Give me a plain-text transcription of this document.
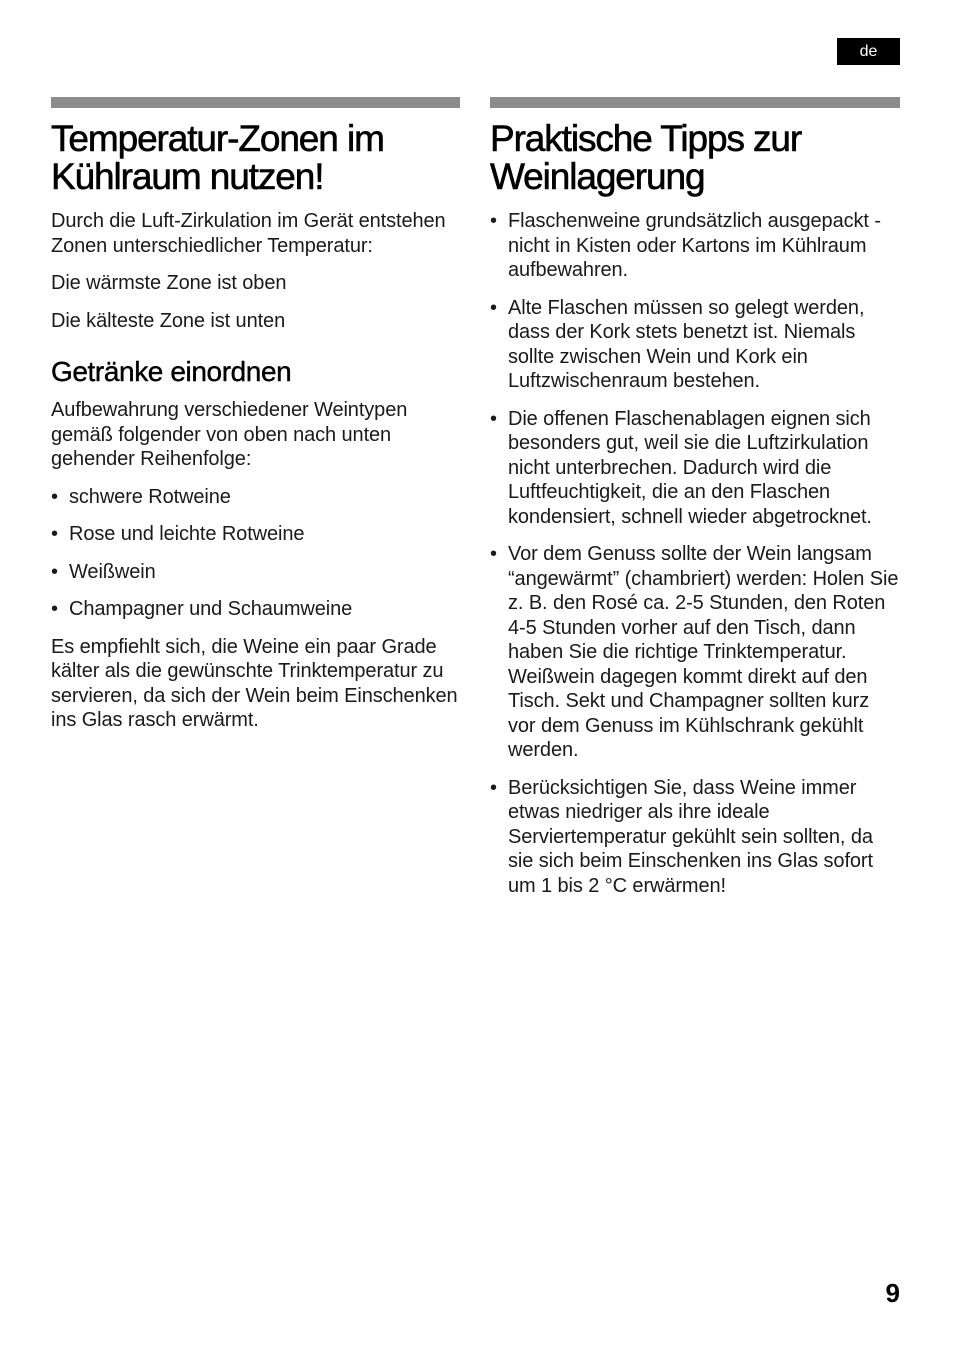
de
Temperatur-Zonen im
Kühlraum nutzen!

Durch die Luft-Zirkulation im Gerät entstehen Zonen unterschiedlicher Temperatur:

Die wärmste Zone ist oben

Die kälteste Zone ist unten

Getränke einordnen

Aufbewahrung verschiedener Weintypen gemäß folgender von oben nach unten gehender Reihenfolge:

• schwere Rotweine
• Rose und leichte Rotweine
• Weißwein
• Champagner und Schaumweine

Es empfiehlt sich, die Weine ein paar Grade kälter als die gewünschte Trinktemperatur zu servieren, da sich der Wein beim Einschenken ins Glas rasch erwärmt.

Praktische Tipps zur
Weinlagerung
• Flaschenweine grundsätzlich ausgepackt - nicht in Kisten oder Kartons im Kühlraum aufbewahren.
• Alte Flaschen müssen so gelegt werden, dass der Kork stets benetzt ist. Niemals sollte zwischen Wein und Kork ein Luftzwischenraum bestehen.
• Die offenen Flaschenablagen eignen sich besonders gut, weil sie die Luftzirkulation nicht unterbrechen. Dadurch wird die Luftfeuchtigkeit, die an den Flaschen kondensiert, schnell wieder abgetrocknet.
• Vor dem Genuss sollte der Wein langsam “angewärmt” (chambriert) werden: Holen Sie z. B. den Rosé ca. 2-5 Stunden, den Roten 4-5 Stunden vorher auf den Tisch, dann haben Sie die richtige Trinktemperatur. Weißwein dagegen kommt direkt auf den Tisch. Sekt und Champagner sollten kurz vor dem Genuss im Kühlschrank gekühlt werden.
• Berücksichtigen Sie, dass Weine immer etwas niedriger als ihre ideale Serviertemperatur gekühlt sein sollten, da sie sich beim Einschenken ins Glas sofort um 1 bis 2 °C erwärmen!
9
